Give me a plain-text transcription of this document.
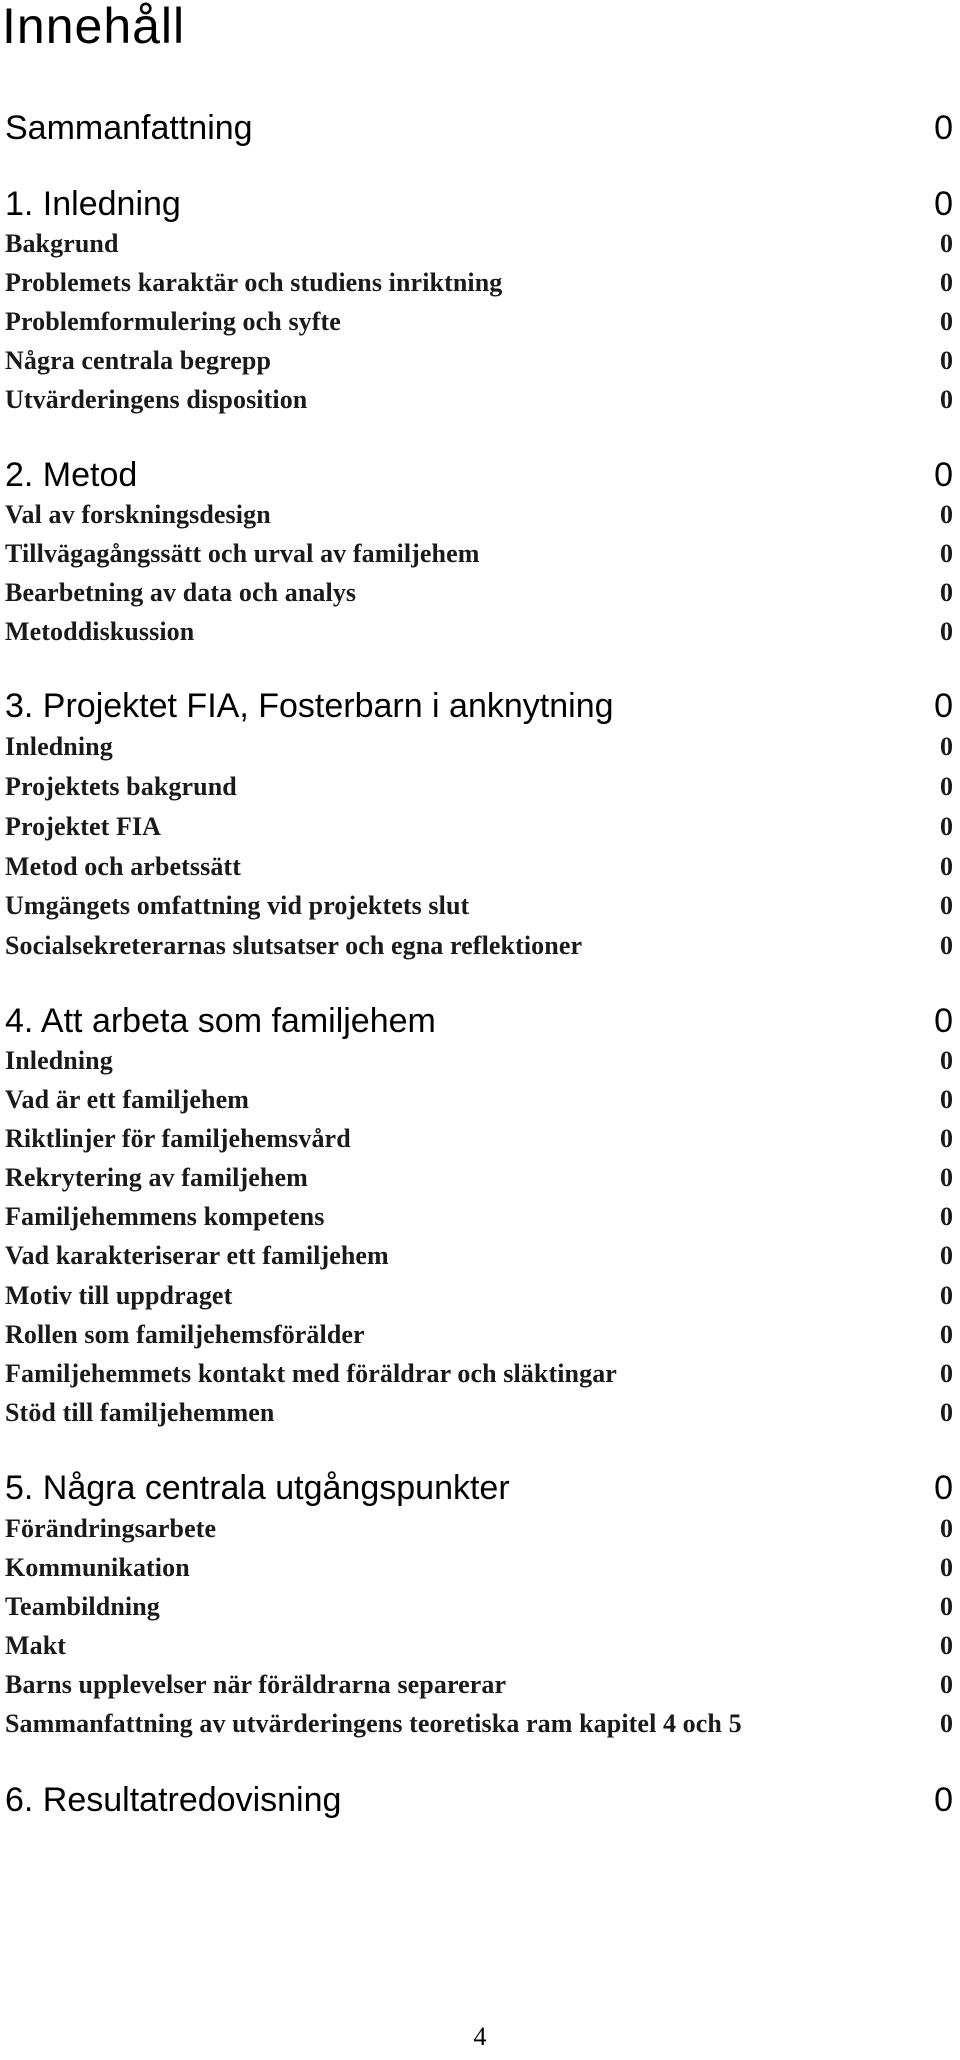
Innehåll
Sammanfattning	0
1. Inledning	0
Bakgrund	0
Problemets karaktär och studiens inriktning	0
Problemformulering och syfte	0
Några centrala begrepp	0
Utvärderingens disposition	0
2. Metod	0
Val av forskningsdesign	0
Tillvägagångssätt och urval av familjehem	0
Bearbetning av data och analys	0
Metoddiskussion	0
3. Projektet FIA, Fosterbarn i anknytning	0
Inledning	0
Projektets bakgrund	0
Projektet FIA	0
Metod och arbetssätt	0
Umgängets omfattning vid projektets slut	0
Socialsekreterarnas slutsatser och egna reflektioner	0
4. Att arbeta som familjehem	0
Inledning	0
Vad är ett familjehem	0
Riktlinjer för familjehemsvård	0
Rekrytering av familjehem	0
Familjehemmens kompetens	0
Vad karakteriserar ett familjehem	0
Motiv till uppdraget	0
Rollen som familjehemsförälder	0
Familjehemmets kontakt med föräldrar och släktingar	0
Stöd till familjehemmen	0
5. Några centrala utgångspunkter	0
Förändringsarbete	0
Kommunikation	0
Teambildning	0
Makt	0
Barns upplevelser när föräldrarna separerar	0
Sammanfattning av utvärderingens teoretiska ram kapitel 4 och 5	0
6. Resultatredovisning	0
4
